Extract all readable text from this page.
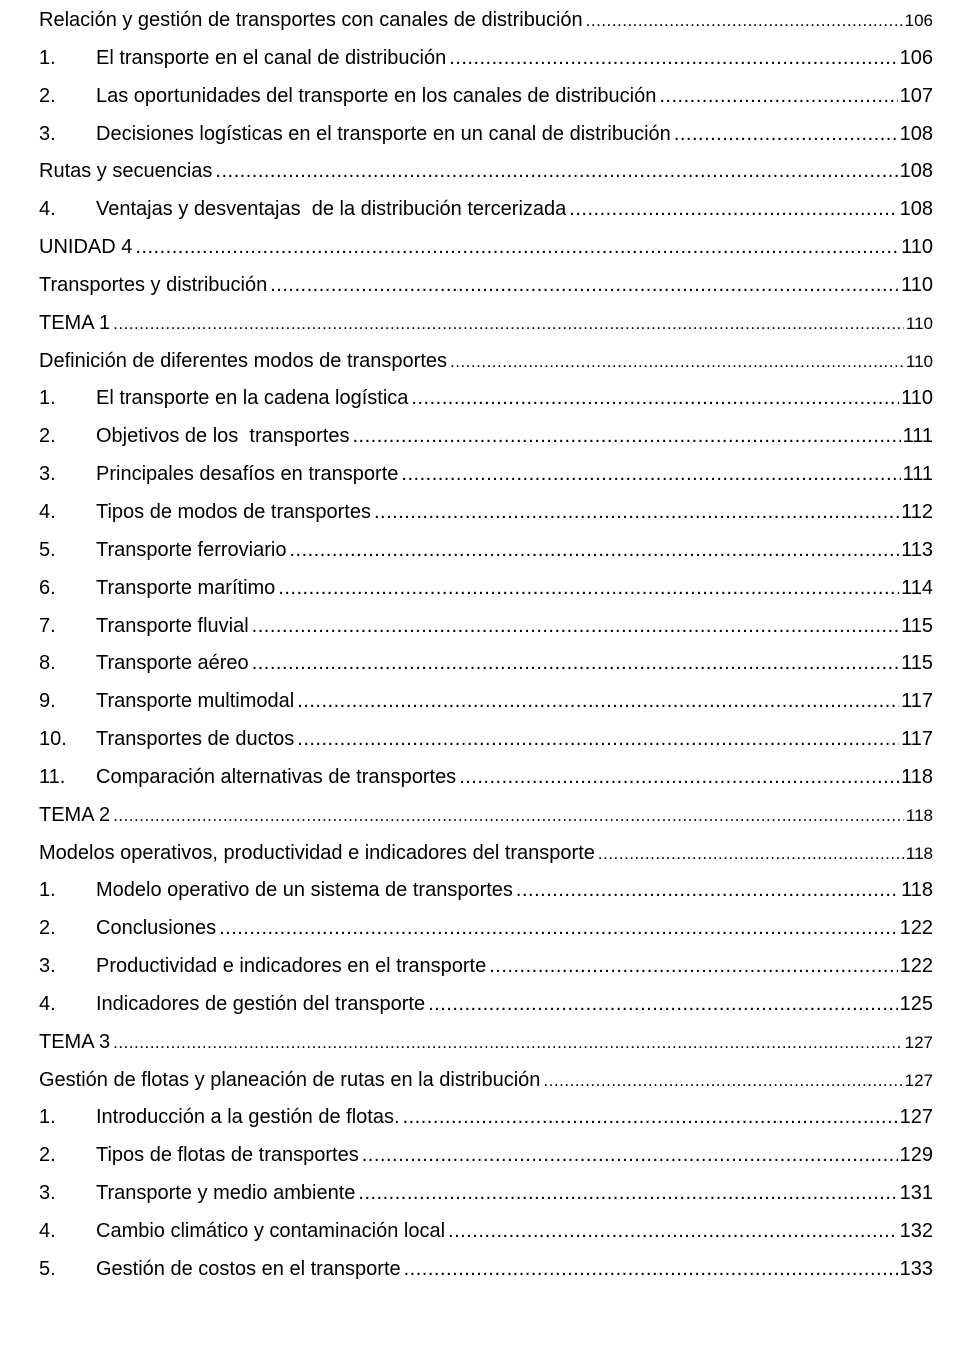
Relación y gestión de transportes con canales de distribución .....	106
1.	El transporte en el canal de distribución .....	106
2.	Las oportunidades del transporte en los canales de distribución .....	107
3.	Decisiones logísticas en el transporte en un canal de distribución .....	108
Rutas y secuencias .....	108
4.	Ventajas y desventajas  de la distribución tercerizada .....	108
UNIDAD 4 .....	110
Transportes y distribución .....	110
TEMA 1 .....	110
Definición de diferentes modos de transportes .....	110
1.	El transporte en la cadena logística .....	110
2.	Objetivos de los  transportes .....	111
3.	Principales desafíos en transporte .....	111
4.	Tipos de modos de transportes .....	112
5.	Transporte ferroviario .....	113
6.	Transporte marítimo .....	114
7.	Transporte fluvial .....	115
8.	Transporte aéreo .....	115
9.	Transporte multimodal .....	117
10.	Transportes de ductos .....	117
11.	Comparación alternativas de transportes .....	118
TEMA 2 .....	118
Modelos operativos, productividad e indicadores del transporte .....	118
1.	Modelo operativo de un sistema de transportes .....	118
2.	Conclusiones .....	122
3.	Productividad e indicadores en el transporte .....	122
4.	Indicadores de gestión del transporte .....	125
TEMA 3 .....	127
Gestión de flotas y planeación de rutas en la distribución .....	127
1.	Introducción a la gestión de flotas. .....	127
2.	Tipos de flotas de transportes .....	129
3.	Transporte y medio ambiente .....	131
4.	Cambio climático y contaminación local .....	132
5.	Gestión de costos en el transporte .....	133
